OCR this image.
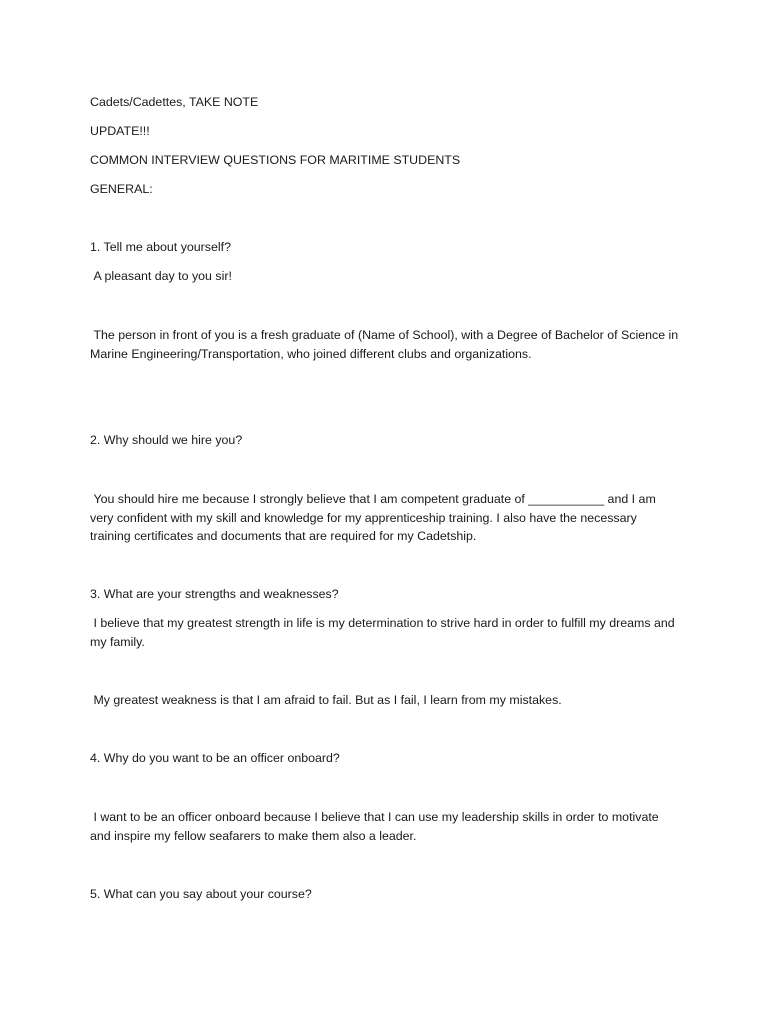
Cadets/Cadettes, TAKE NOTE

UPDATE!!!

COMMON INTERVIEW QUESTIONS FOR MARITIME STUDENTS

GENERAL:

1. Tell me about yourself?

A pleasant day to you sir!

The person in front of you is a fresh graduate of (Name of School), with a Degree of Bachelor of Science in Marine Engineering/Transportation, who joined different clubs and organizations.

2. Why should we hire you?

You should hire me because I strongly believe that I am competent graduate of ___________ and I am very confident with my skill and knowledge for my apprenticeship training. I also have the necessary training certificates and documents that are required for my Cadetship.

3. What are your strengths and weaknesses?

I believe that my greatest strength in life is my determination to strive hard in order to fulfill my dreams and my family.

My greatest weakness is that I am afraid to fail. But as I fail, I learn from my mistakes.

4. Why do you want to be an officer onboard?

I want to be an officer onboard because I believe that I can use my leadership skills in order to motivate and inspire my fellow seafarers to make them also a leader.

5. What can you say about your course?
